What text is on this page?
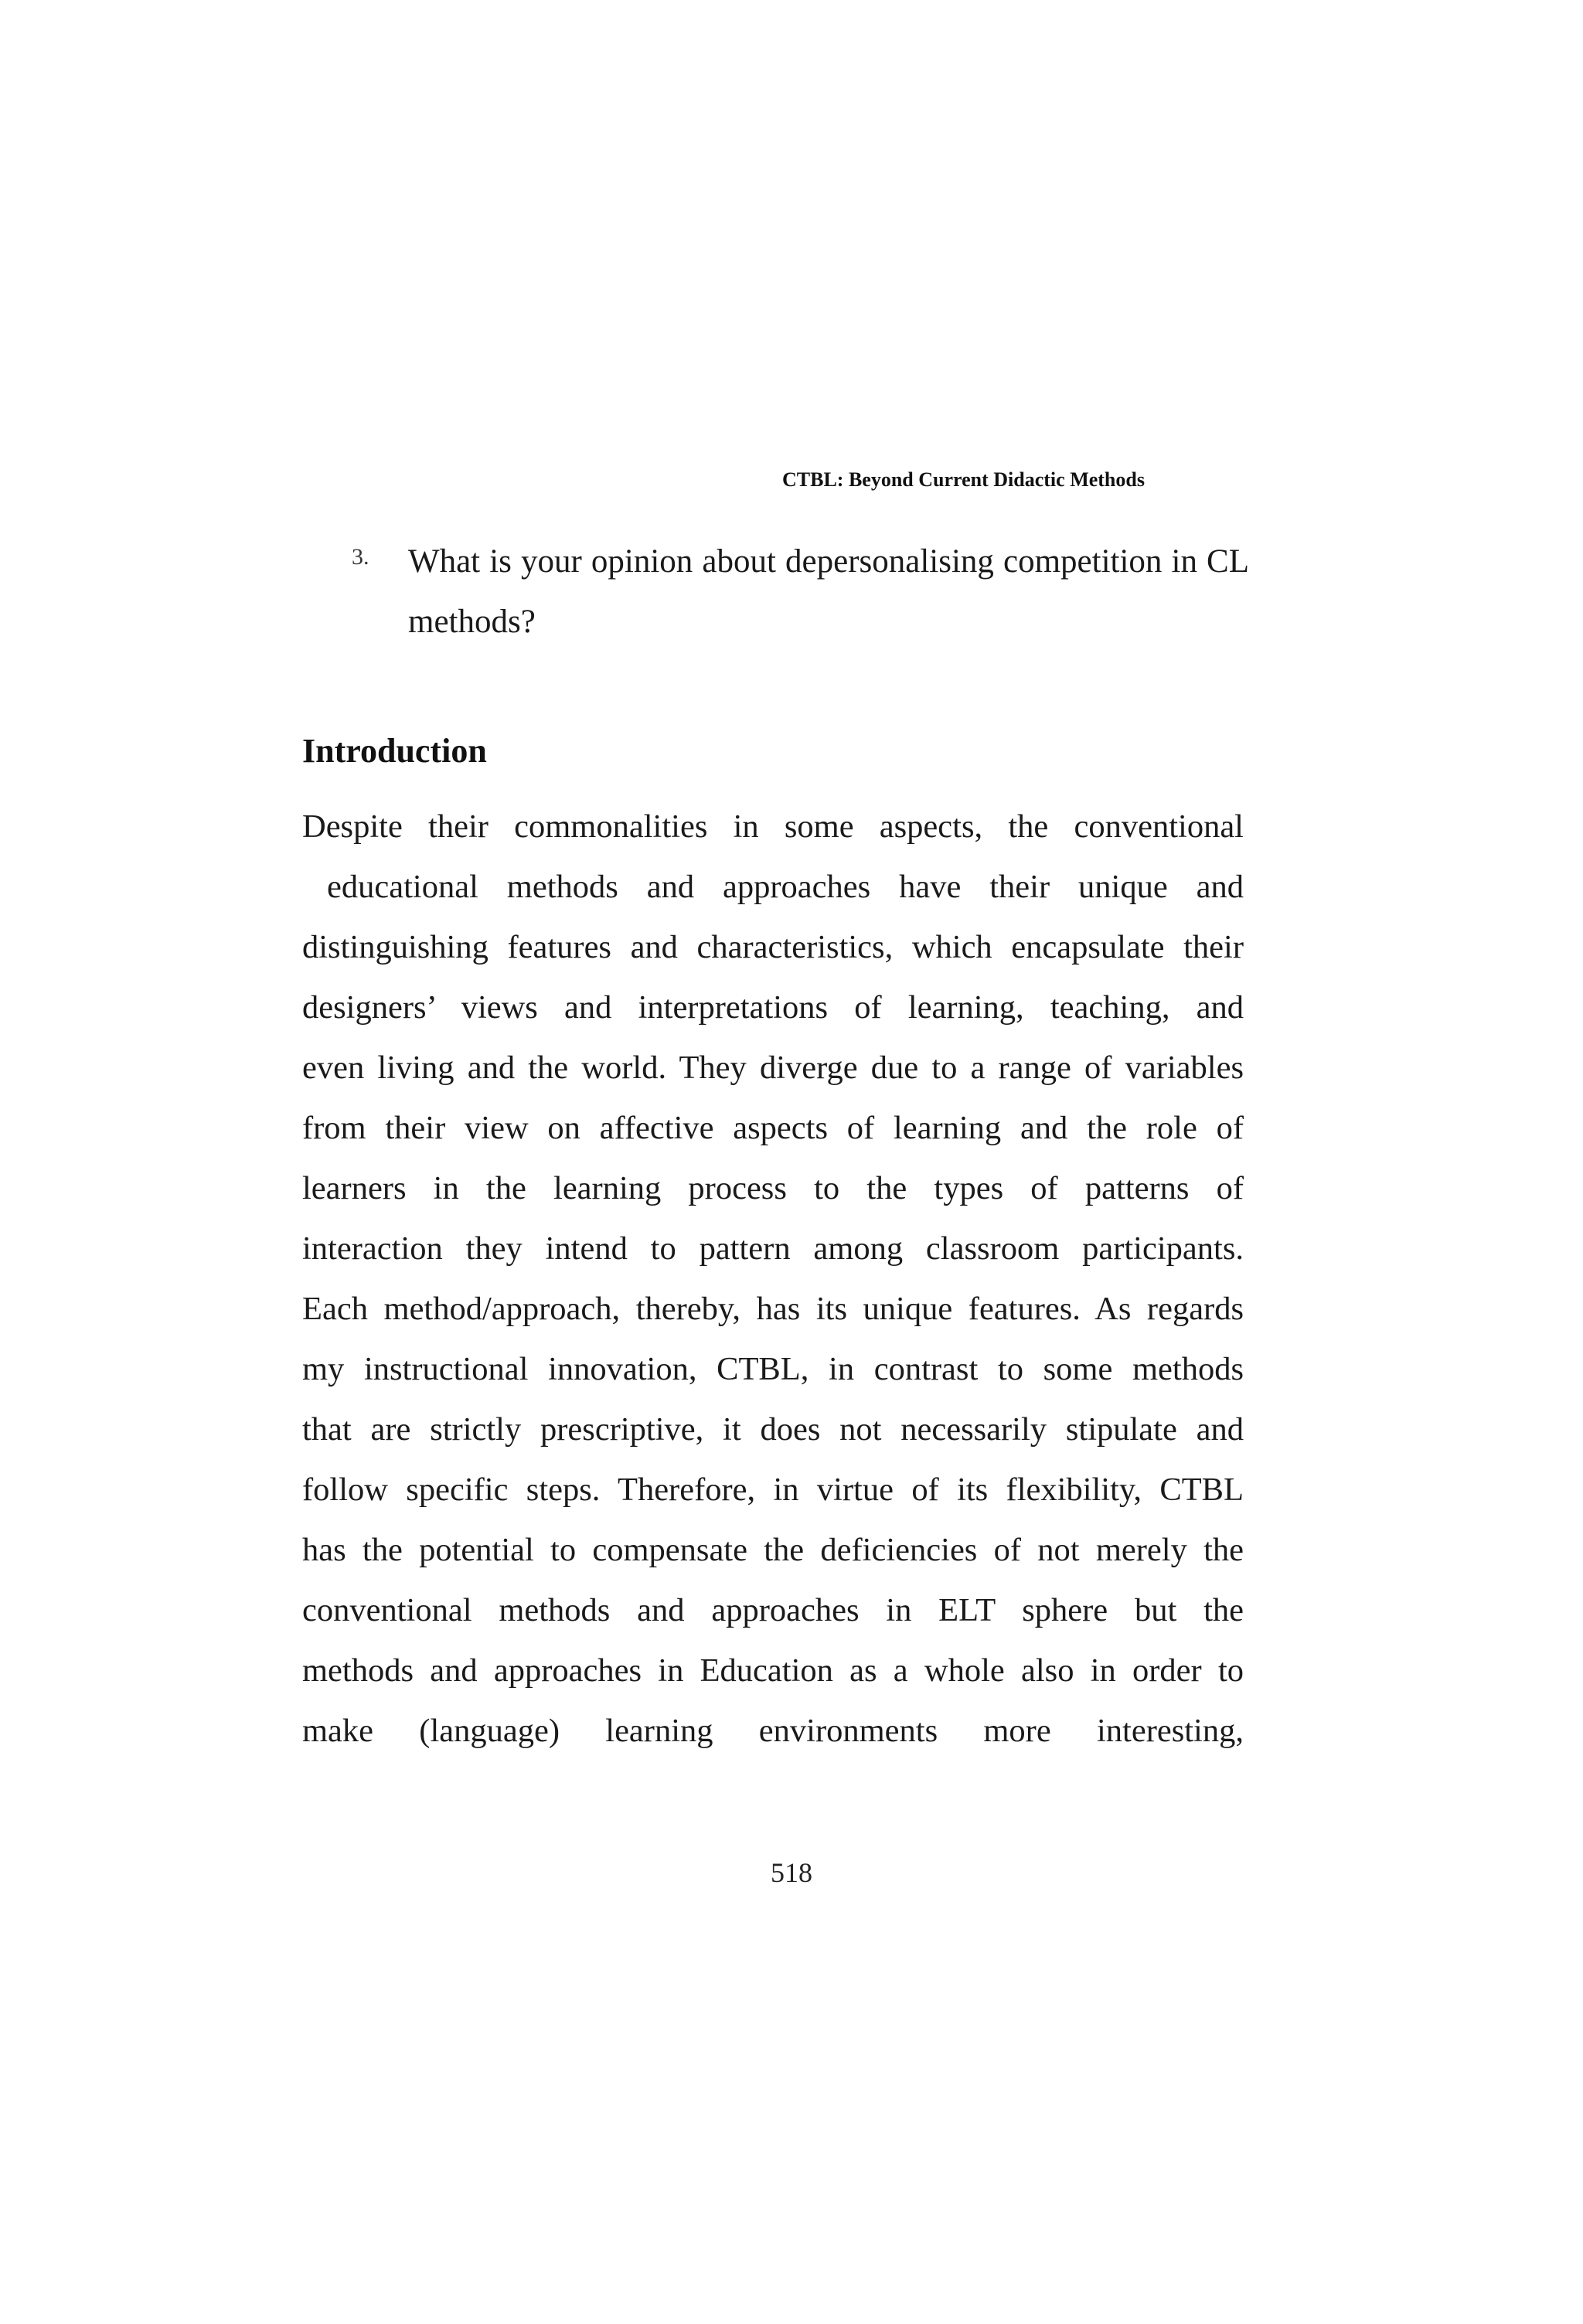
CTBL: Beyond Current Didactic Methods
3. What is your opinion about depersonalising competition in CL methods?
Introduction
Despite their commonalities in some aspects, the conventional
educational methods and approaches have their unique and
distinguishing features and characteristics, which encapsulate their
designers’ views and interpretations of learning, teaching, and
even living and the world. They diverge due to a range of variables
from their view on affective aspects of learning and the role of
learners in the learning process to the types of patterns of
interaction they intend to pattern among classroom participants.
Each method/approach, thereby, has its unique features. As regards
my instructional innovation, CTBL, in contrast to some methods
that are strictly prescriptive, it does not necessarily stipulate and
follow specific steps. Therefore, in virtue of its flexibility, CTBL
has the potential to compensate the deficiencies of not merely the
conventional methods and approaches in ELT sphere but the
methods and approaches in Education as a whole also in order to
make (language) learning environments more interesting,
518
